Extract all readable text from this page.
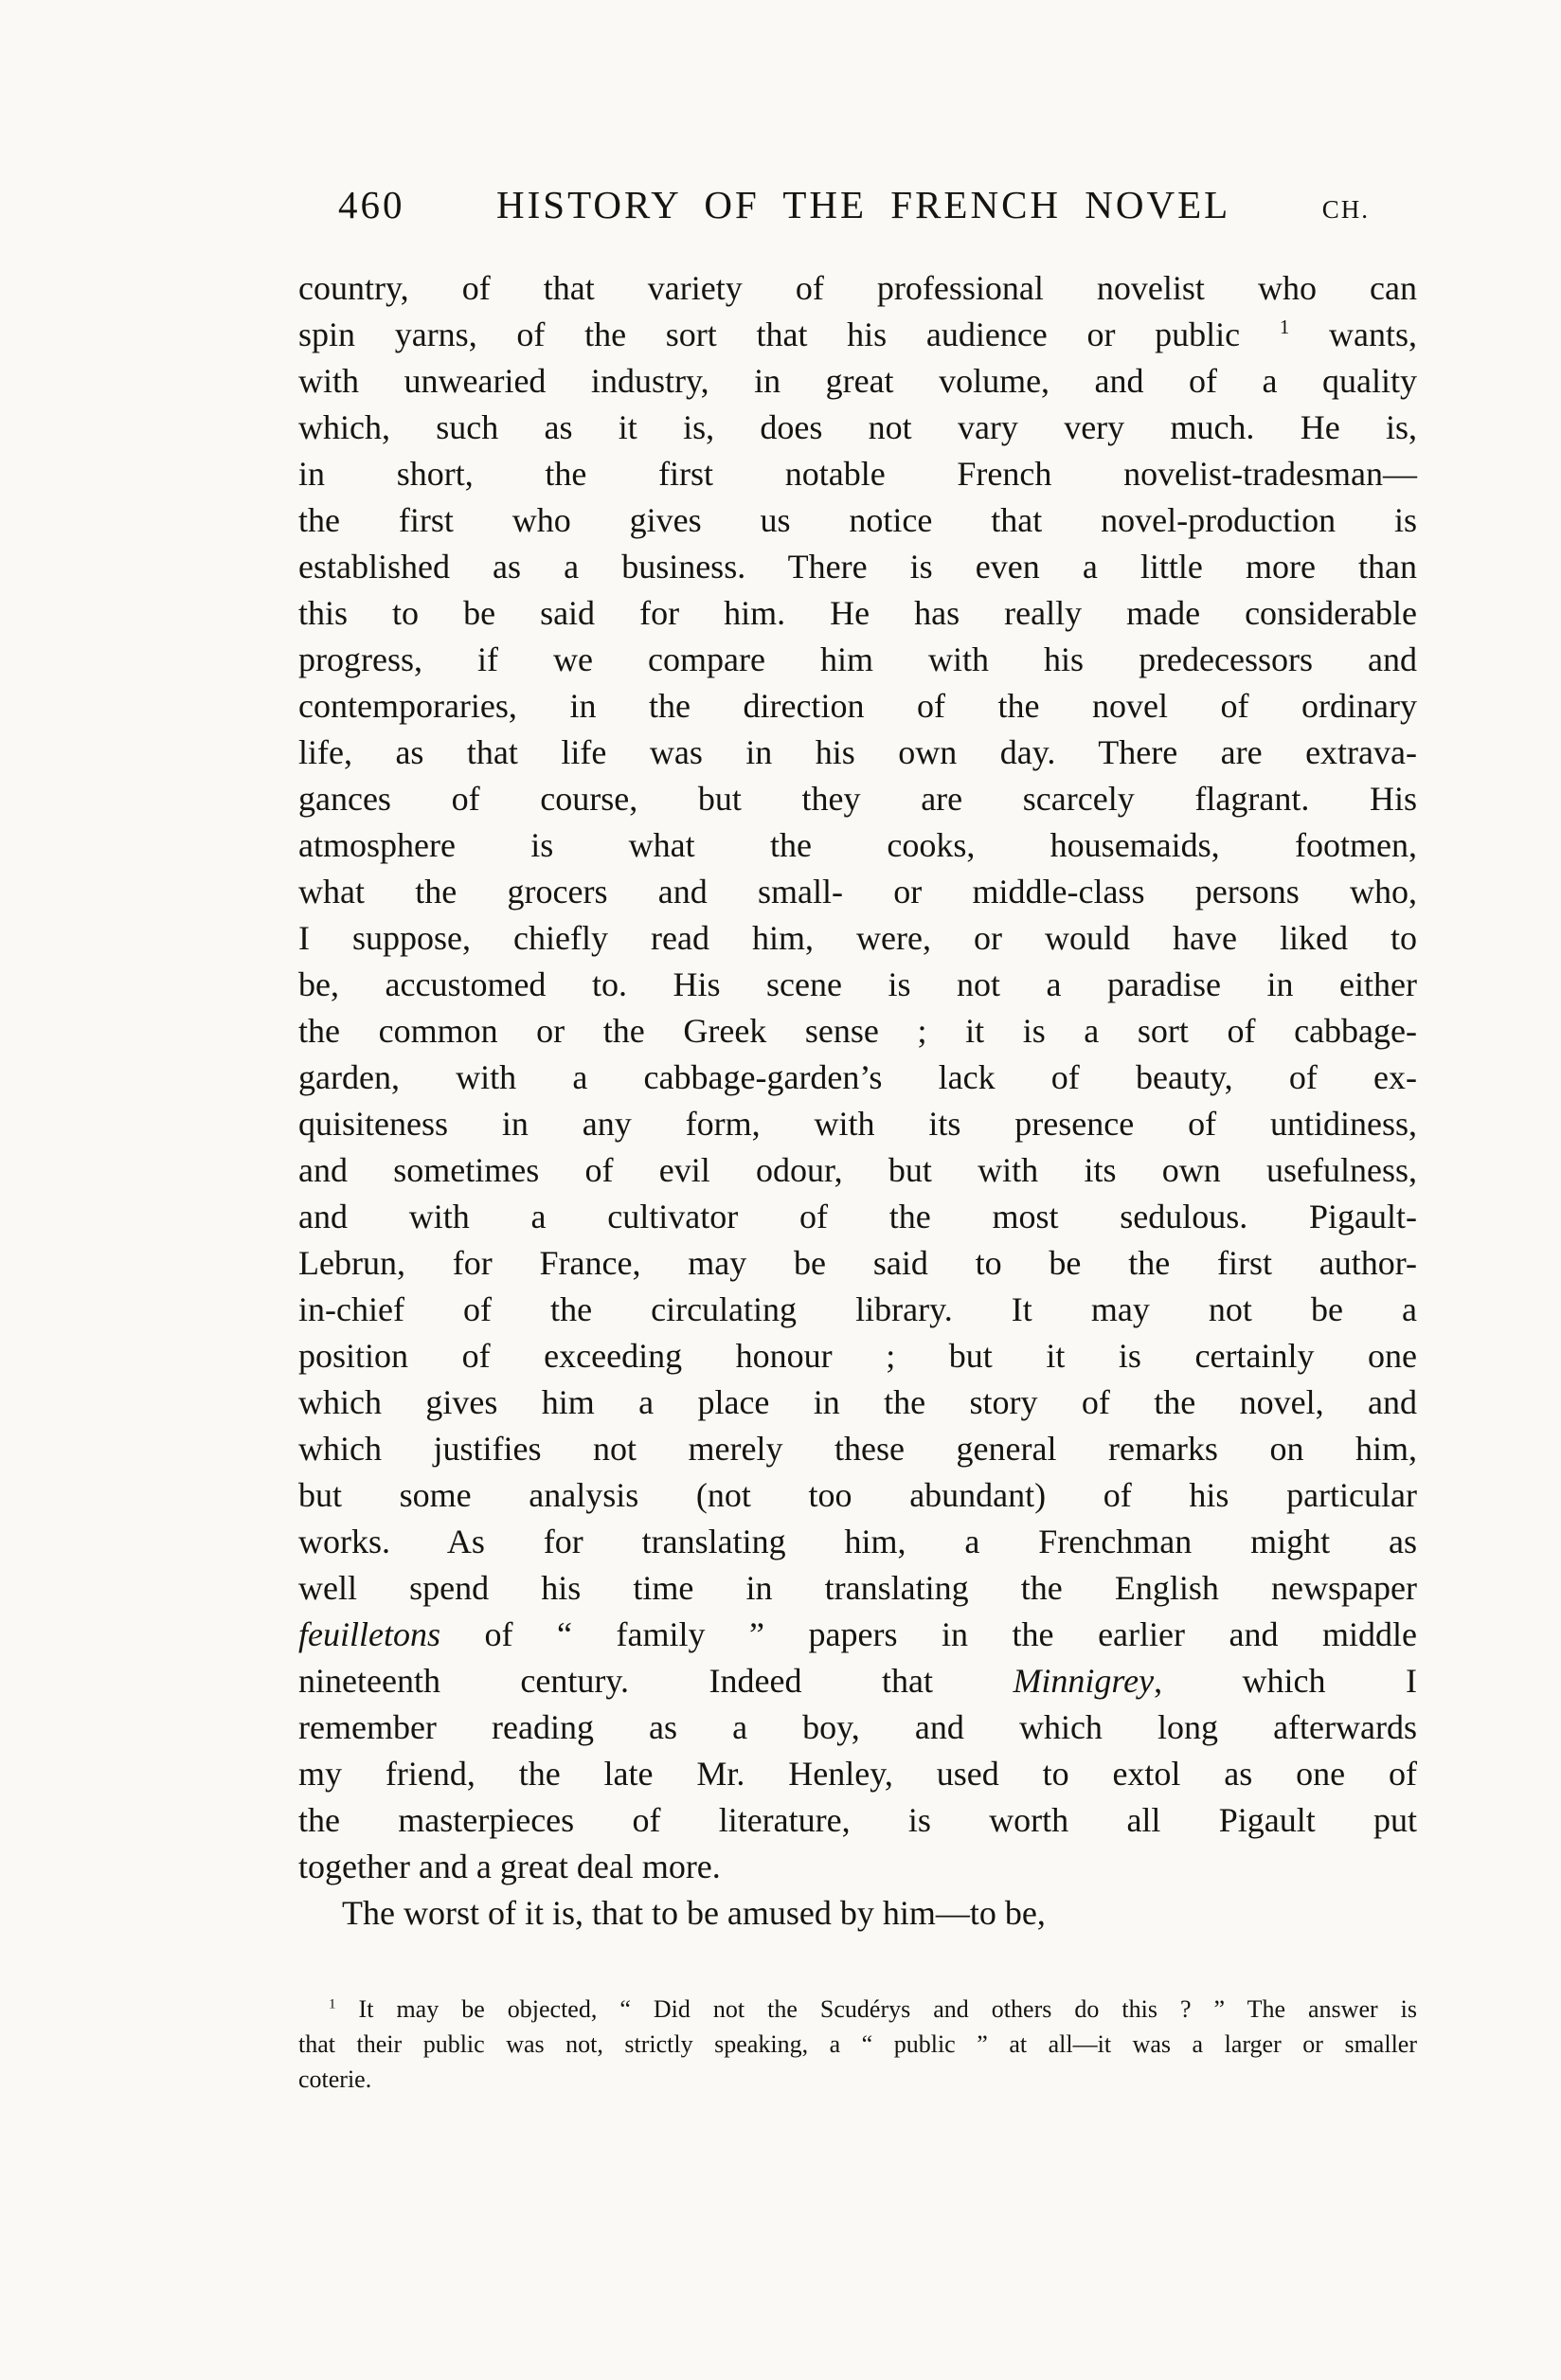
460 HISTORY OF THE FRENCH NOVEL	CH.
country, of that variety of professional novelist who can
spin yarns, of the sort that his audience or public $^1$ wants,
with unwearied industry, in great volume, and of a quality
which, such as it is, does not vary very much. He is,
in short, the first notable French novelist-tradesman—
the first who gives us notice that novel-production is
established as a business. There is even a little more than
this to be said for him. He has really made considerable
progress, if we compare him with his predecessors and
contemporaries, in the direction of the novel of ordinary
life, as that life was in his own day. There are extrava-
gances of course, but they are scarcely flagrant. His
atmosphere is what the cooks, housemaids, footmen,
what the grocers and small- or middle-class persons who,
I suppose, chiefly read him, were, or would have liked to
be, accustomed to. His scene is not a paradise in either
the common or the Greek sense ; it is a sort of cabbage-
garden, with a cabbage-garden’s lack of beauty, of ex-
quisiteness in any form, with its presence of untidiness,
and sometimes of evil odour, but with its own usefulness,
and with a cultivator of the most sedulous. Pigault-
Lebrun, for France, may be said to be the first author-
in-chief of the circulating library. It may not be a
position of exceeding honour ; but it is certainly one
which gives him a place in the story of the novel, and
which justifies not merely these general remarks on him,
but some analysis (not too abundant) of his particular
works. As for translating him, a Frenchman might as
well spend his time in translating the English newspaper
feuilletons of “ family ” papers in the earlier and middle
nineteenth century. Indeed that Minnigrey, which I
remember reading as a boy, and which long afterwards
my friend, the late Mr. Henley, used to extol as one of
the masterpieces of literature, is worth all Pigault put
together and a great deal more.
The worst of it is, that to be amused by him—to be,
$^1$ It may be objected, “ Did not the Scudérys and others do this ? ” The answer is
that their public was not, strictly speaking, a “ public ” at all—it was a larger or smaller
coterie.
